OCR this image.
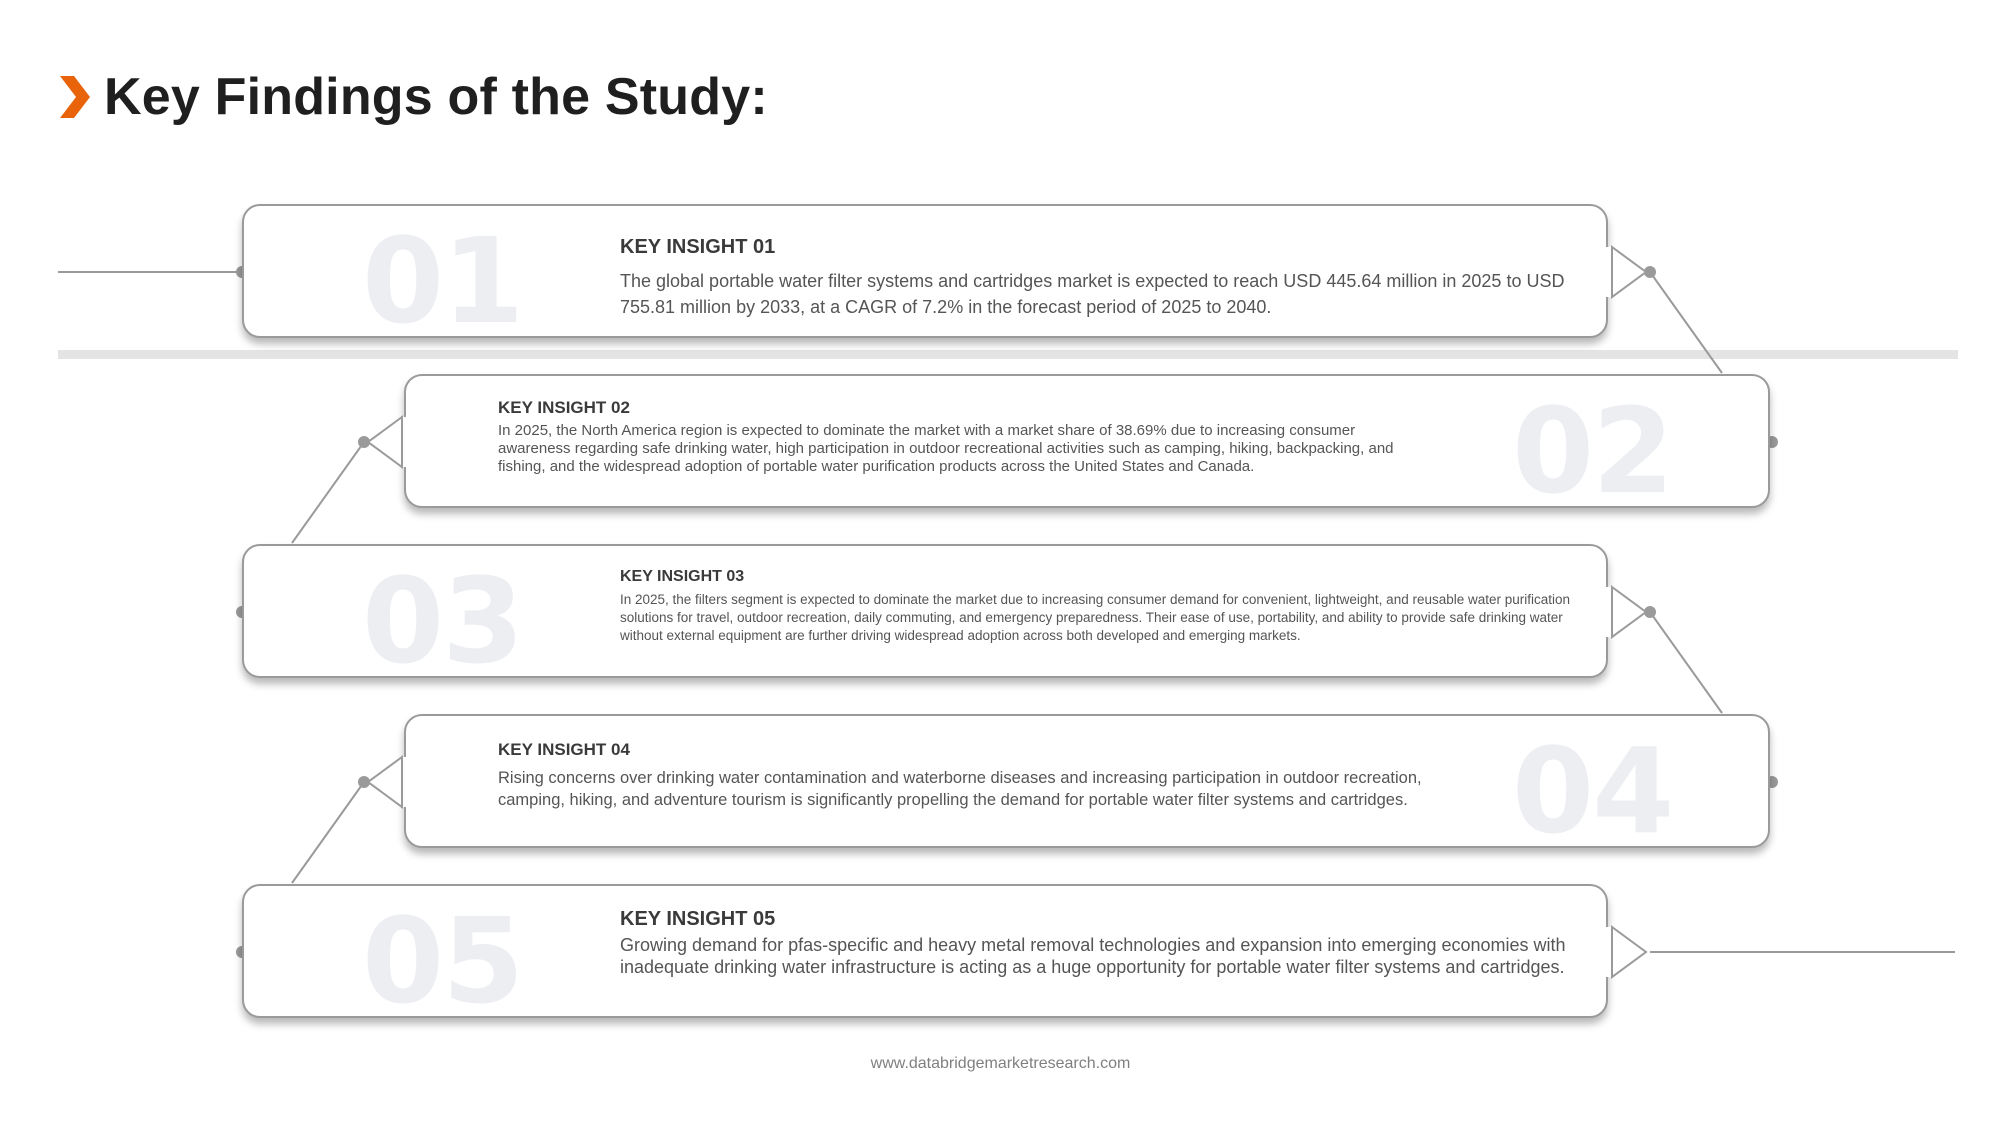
Key Findings of the Study:
01	KEY INSIGHT 01
The global portable water filter systems and cartridges market is expected to reach USD 445.64 million in 2025 to USD 755.81 million by 2033, at a CAGR of 7.2% in the forecast period of 2025 to 2040.
02
KEY INSIGHT 02
In 2025, the North America region is expected to dominate the market with a market share of 38.69% due to increasing consumer awareness regarding safe drinking water, high participation in outdoor recreational activities such as camping, hiking, backpacking, and fishing, and the widespread adoption of portable water purification products across the United States and Canada.
03	KEY INSIGHT 03
In 2025, the filters segment is expected to dominate the market due to increasing consumer demand for convenient, lightweight, and reusable water purification solutions for travel, outdoor recreation, daily commuting, and emergency preparedness. Their ease of use, portability, and ability to provide safe drinking water without external equipment are further driving widespread adoption across both developed and emerging markets.
04
KEY INSIGHT 04
Rising concerns over drinking water contamination and waterborne diseases and increasing participation in outdoor recreation, camping, hiking, and adventure tourism is significantly propelling the demand for portable water filter systems and cartridges.
05	KEY INSIGHT 05
Growing demand for pfas-specific and heavy metal removal technologies and expansion into emerging economies with inadequate drinking water infrastructure is acting as a huge opportunity for portable water filter systems and cartridges.
www.databridgemarketresearch.com
